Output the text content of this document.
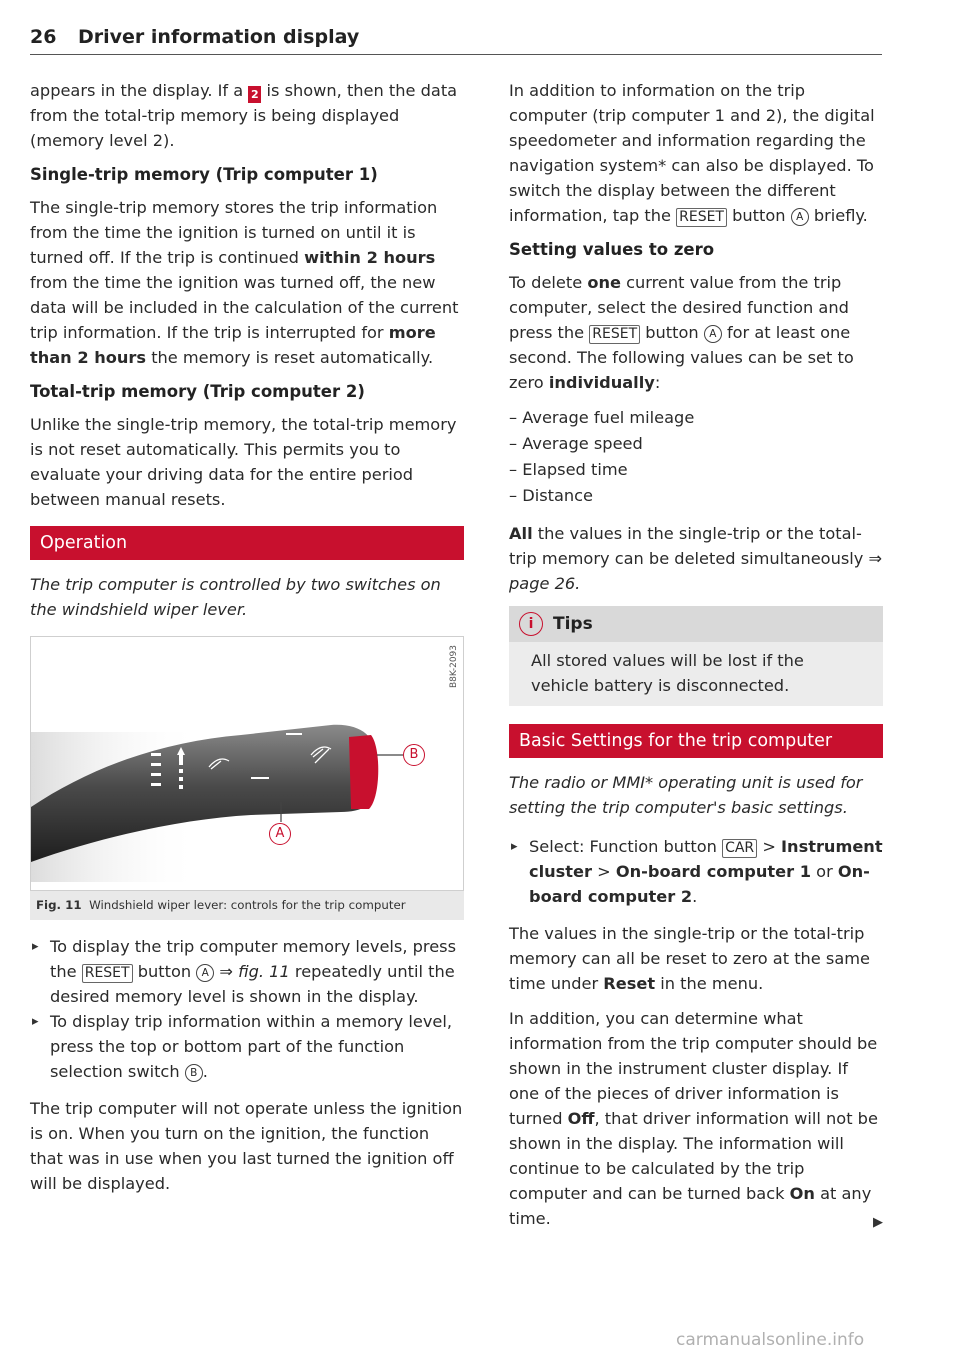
26 Driver information display

appears in the display. If a 2 is shown, then the data from the total-trip memory is being displayed (memory level 2).

Single-trip memory (Trip computer 1)

The single-trip memory stores the trip information from the time the ignition is turned on until it is turned off. If the trip is continued within 2 hours from the time the ignition was turned off, the new data will be included in the calculation of the current trip information. If the trip is interrupted for more than 2 hours the memory is reset automatically.

Total-trip memory (Trip computer 2)

Unlike the single-trip memory, the total-trip memory is not reset automatically. This permits you to evaluate your driving data for the entire period between manual resets.

Operation
The trip computer is controlled by two switches on the windshield wiper lever.
B8K-2093
B
A
Fig. 11 Windshield wiper lever: controls for the trip computer
▸ To display the trip computer memory levels, press the RESET button A ⇒ fig. 11 repeatedly until the desired memory level is shown in the display.
▸ To display trip information within a memory level, press the top or bottom part of the function selection switch B .

The trip computer will not operate unless the ignition is on. When you turn on the ignition, the function that was in use when you last turned the ignition off will be displayed.

In addition to information on the trip computer (trip computer 1 and 2), the digital speedometer and information regarding the navigation system* can also be displayed. To switch the display between the different information, tap the RESET button A briefly.

Setting values to zero

To delete one current value from the trip computer, select the desired function and press the RESET button A for at least one second. The following values can be set to zero individually:

– Average fuel mileage
– Average speed
– Elapsed time
– Distance

All the values in the single-trip or the total-trip memory can be deleted simultaneously ⇒ page 26.

i	Tips
All stored values will be lost if the vehicle battery is disconnected.
Basic Settings for the trip computer
The radio or MMI* operating unit is used for setting the trip computer's basic settings.
▸ Select: Function button CAR > Instrument cluster > On-board computer 1 or On-board computer 2.

The values in the single-trip or the total-trip memory can all be reset to zero at the same time under Reset in the menu.

In addition, you can determine what information from the trip computer should be shown in the instrument cluster display. If one of the pieces of driver information is turned Off, that driver information will not be shown in the display. The information will continue to be calculated by the trip computer and can be turned back On at any time.	▶

carmanualsonline.info
